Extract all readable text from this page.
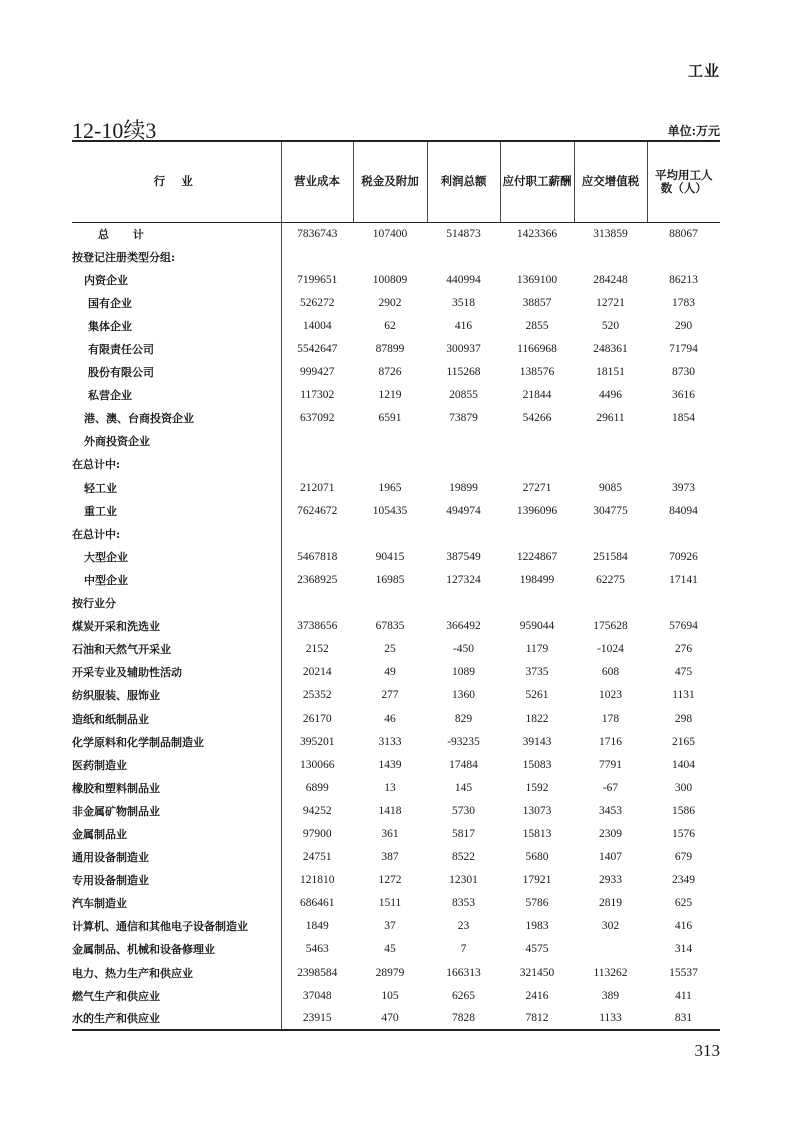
工业
12-10续3	单位:万元
行 业	营业成本	税金及附加	利润总额	应付职工薪酬	应交增值税	平均用工人数（人）
总 计	7836743	107400	514873	1423366	313859	88067
按登记注册类型分组:						
内资企业	7199651	100809	440994	1369100	284248	86213
国有企业	526272	2902	3518	38857	12721	1783
集体企业	14004	62	416	2855	520	290
有限责任公司	5542647	87899	300937	1166968	248361	71794
股份有限公司	999427	8726	115268	138576	18151	8730
私营企业	117302	1219	20855	21844	4496	3616
港、澳、台商投资企业	637092	6591	73879	54266	29611	1854
外商投资企业						
在总计中:						
轻工业	212071	1965	19899	27271	9085	3973
重工业	7624672	105435	494974	1396096	304775	84094
在总计中:						
大型企业	5467818	90415	387549	1224867	251584	70926
中型企业	2368925	16985	127324	198499	62275	17141
按行业分						
煤炭开采和洗选业	3738656	67835	366492	959044	175628	57694
石油和天然气开采业	2152	25	-450	1179	-1024	276
开采专业及辅助性活动	20214	49	1089	3735	608	475
纺织服装、服饰业	25352	277	1360	5261	1023	1131
造纸和纸制品业	26170	46	829	1822	178	298
化学原料和化学制品制造业	395201	3133	-93235	39143	1716	2165
医药制造业	130066	1439	17484	15083	7791	1404
橡胶和塑料制品业	6899	13	145	1592	-67	300
非金属矿物制品业	94252	1418	5730	13073	3453	1586
金属制品业	97900	361	5817	15813	2309	1576
通用设备制造业	24751	387	8522	5680	1407	679
专用设备制造业	121810	1272	12301	17921	2933	2349
汽车制造业	686461	1511	8353	5786	2819	625
计算机、通信和其他电子设备制造业	1849	37	23	1983	302	416
金属制品、机械和设备修理业	5463	45	7	4575		314
电力、热力生产和供应业	2398584	28979	166313	321450	113262	15537
燃气生产和供应业	37048	105	6265	2416	389	411
水的生产和供应业	23915	470	7828	7812	1133	831
313
